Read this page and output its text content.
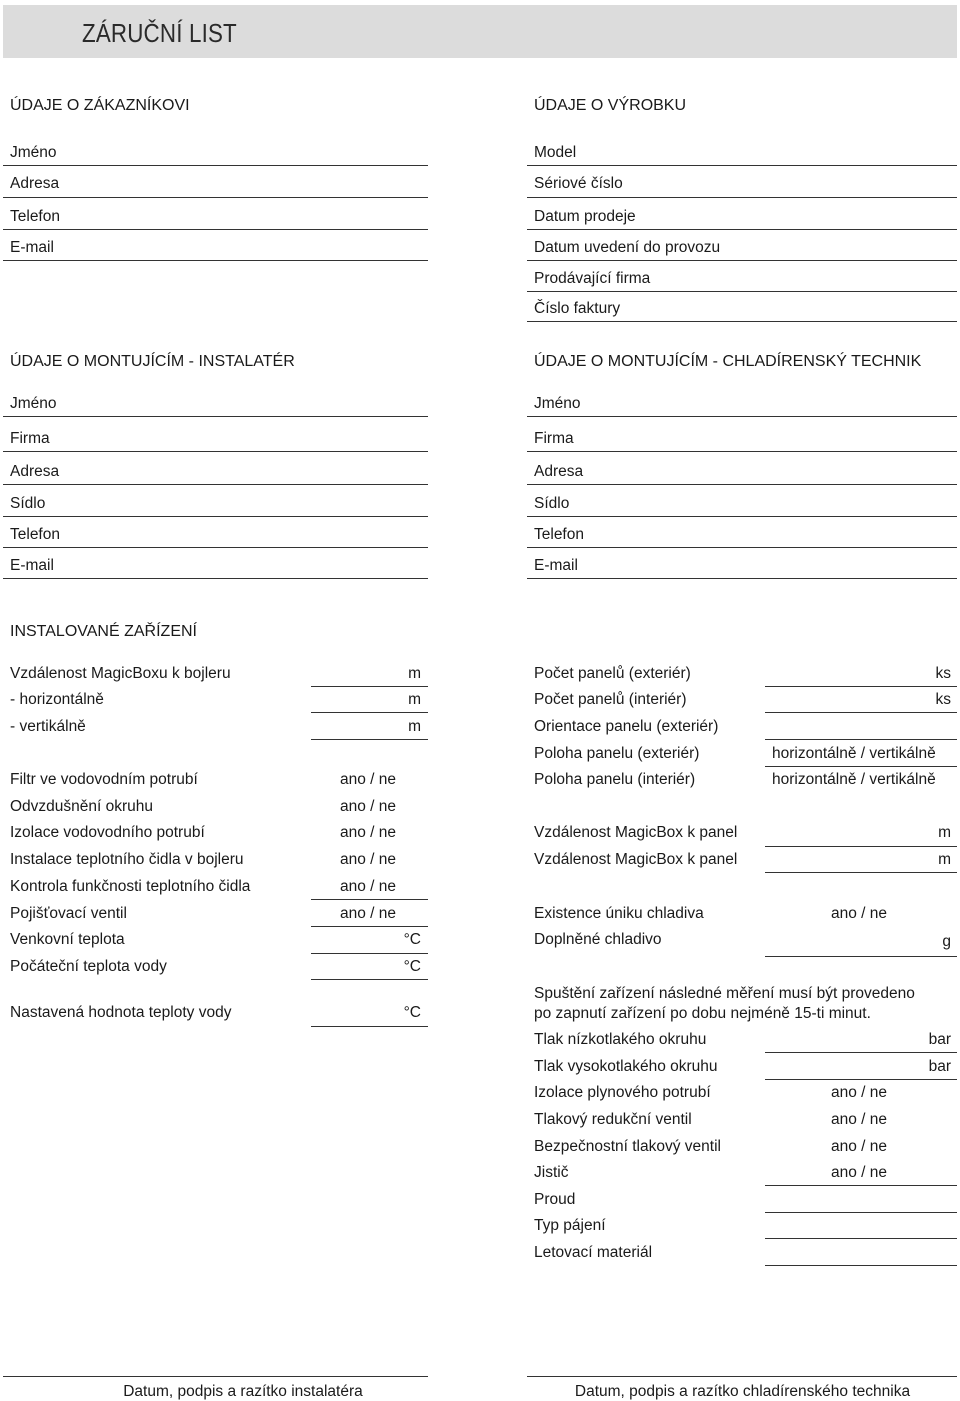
ZÁRUČNÍ LIST
ÚDAJE O ZÁKAZNÍKOVI
Jméno
Adresa
Telefon
E-mail
ÚDAJE O VÝROBKU
Model
Sériové číslo
Datum prodeje
Datum uvedení do provozu
Prodávající firma
Číslo faktury
ÚDAJE O MONTUJÍCÍM - INSTALATÉR
Jméno
Firma
Adresa
Sídlo
Telefon
E-mail
ÚDAJE O MONTUJÍCÍM - CHLADÍRENSKÝ TECHNIK
Jméno
Firma
Adresa
Sídlo
Telefon
E-mail
INSTALOVANÉ ZAŘÍZENÍ
Vzdálenost MagicBoxu k bojleru	m
- horizontálně	m
- vertikálně	m
Filtr ve vodovodním potrubí	ano / ne
Odvzdušnění okruhu	ano / ne
Izolace vodovodního potrubí	ano / ne
Instalace teplotního čidla v bojleru	ano / ne
Kontrola funkčnosti teplotního čidla	ano / ne
Pojišťovací ventil	ano / ne
Venkovní teplota	°C
Počáteční teplota vody	°C
Nastavená hodnota teploty vody	°C
Počet panelů (exteriér)	ks
Počet panelů (interiér)	ks
Orientace panelu (exteriér)
Poloha panelu (exteriér)	horizontálně / vertikálně
Poloha panelu (interiér)	horizontálně / vertikálně
Vzdálenost MagicBox k panel	m
Vzdálenost MagicBox k panel	m
Existence úniku chladiva	ano / ne
Doplněné chladivo	g
Spuštění zařízení následné měření musí být provedeno
po zapnutí zařízení po dobu nejméně 15-ti minut.
Tlak nízkotlakého okruhu	bar
Tlak vysokotlakého okruhu	bar
Izolace plynového potrubí	ano / ne
Tlakový redukční ventil	ano / ne
Bezpečnostní tlakový ventil	ano / ne
Jistič	ano / ne
Proud
Typ pájení
Letovací materiál
Datum, podpis a razítko instalatéra	Datum, podpis a razítko chladírenského technika
